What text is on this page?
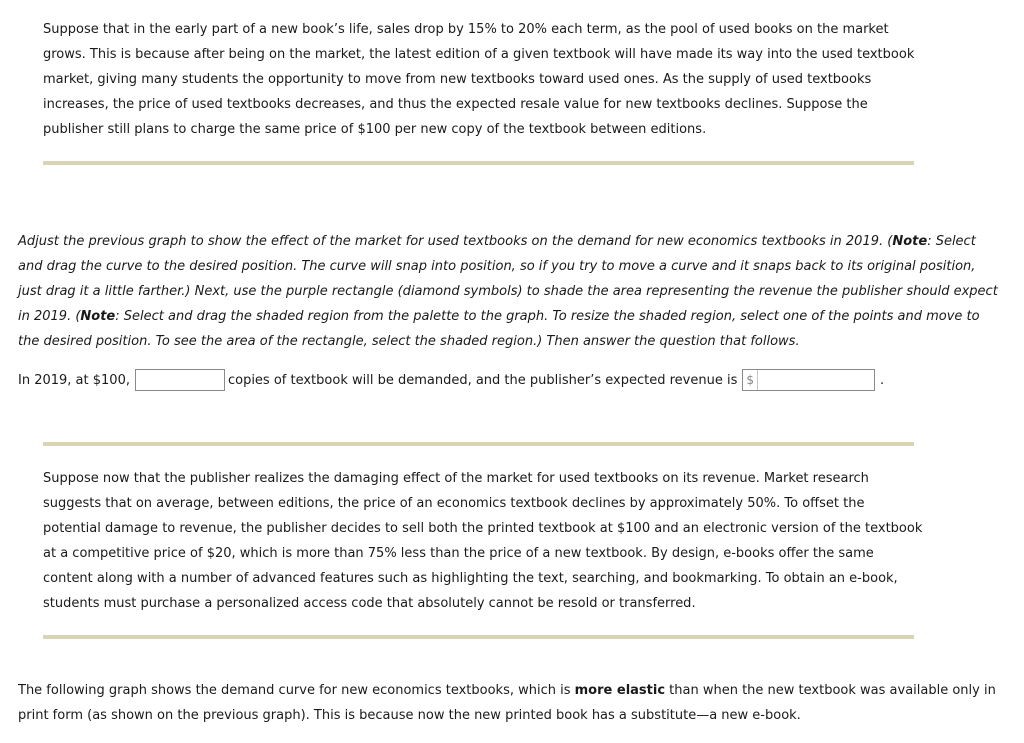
Suppose that in the early part of a new book’s life, sales drop by 15% to 20% each term, as the pool of used books on the market grows. This is because after being on the market, the latest edition of a given textbook will have made its way into the used textbook market, giving many students the opportunity to move from new textbooks toward used ones. As the supply of used textbooks increases, the price of used textbooks decreases, and thus the expected resale value for new textbooks declines. Suppose the publisher still plans to charge the same price of $100 per new copy of the textbook between editions.

Adjust the previous graph to show the effect of the market for used textbooks on the demand for new economics textbooks in 2019. (Note: Select and drag the curve to the desired position. The curve will snap into position, so if you try to move a curve and it snaps back to its original position, just drag it a little farther.) Next, use the purple rectangle (diamond symbols) to shade the area representing the revenue the publisher should expect in 2019. (Note: Select and drag the shaded region from the palette to the graph. To resize the shaded region, select one of the points and move to the desired position. To see the area of the rectangle, select the shaded region.) Then answer the question that follows.

In 2019, at $100,	copies of textbook will be demanded, and the publisher’s expected revenue is $	.

Suppose now that the publisher realizes the damaging effect of the market for used textbooks on its revenue. Market research suggests that on average, between editions, the price of an economics textbook declines by approximately 50%. To offset the potential damage to revenue, the publisher decides to sell both the printed textbook at $100 and an electronic version of the textbook at a competitive price of $20, which is more than 75% less than the price of a new textbook. By design, e-books offer the same content along with a number of advanced features such as highlighting the text, searching, and bookmarking. To obtain an e-book, students must purchase a personalized access code that absolutely cannot be resold or transferred.

The following graph shows the demand curve for new economics textbooks, which is more elastic than when the new textbook was available only in print form (as shown on the previous graph). This is because now the new printed book has a substitute—a new e-book.
